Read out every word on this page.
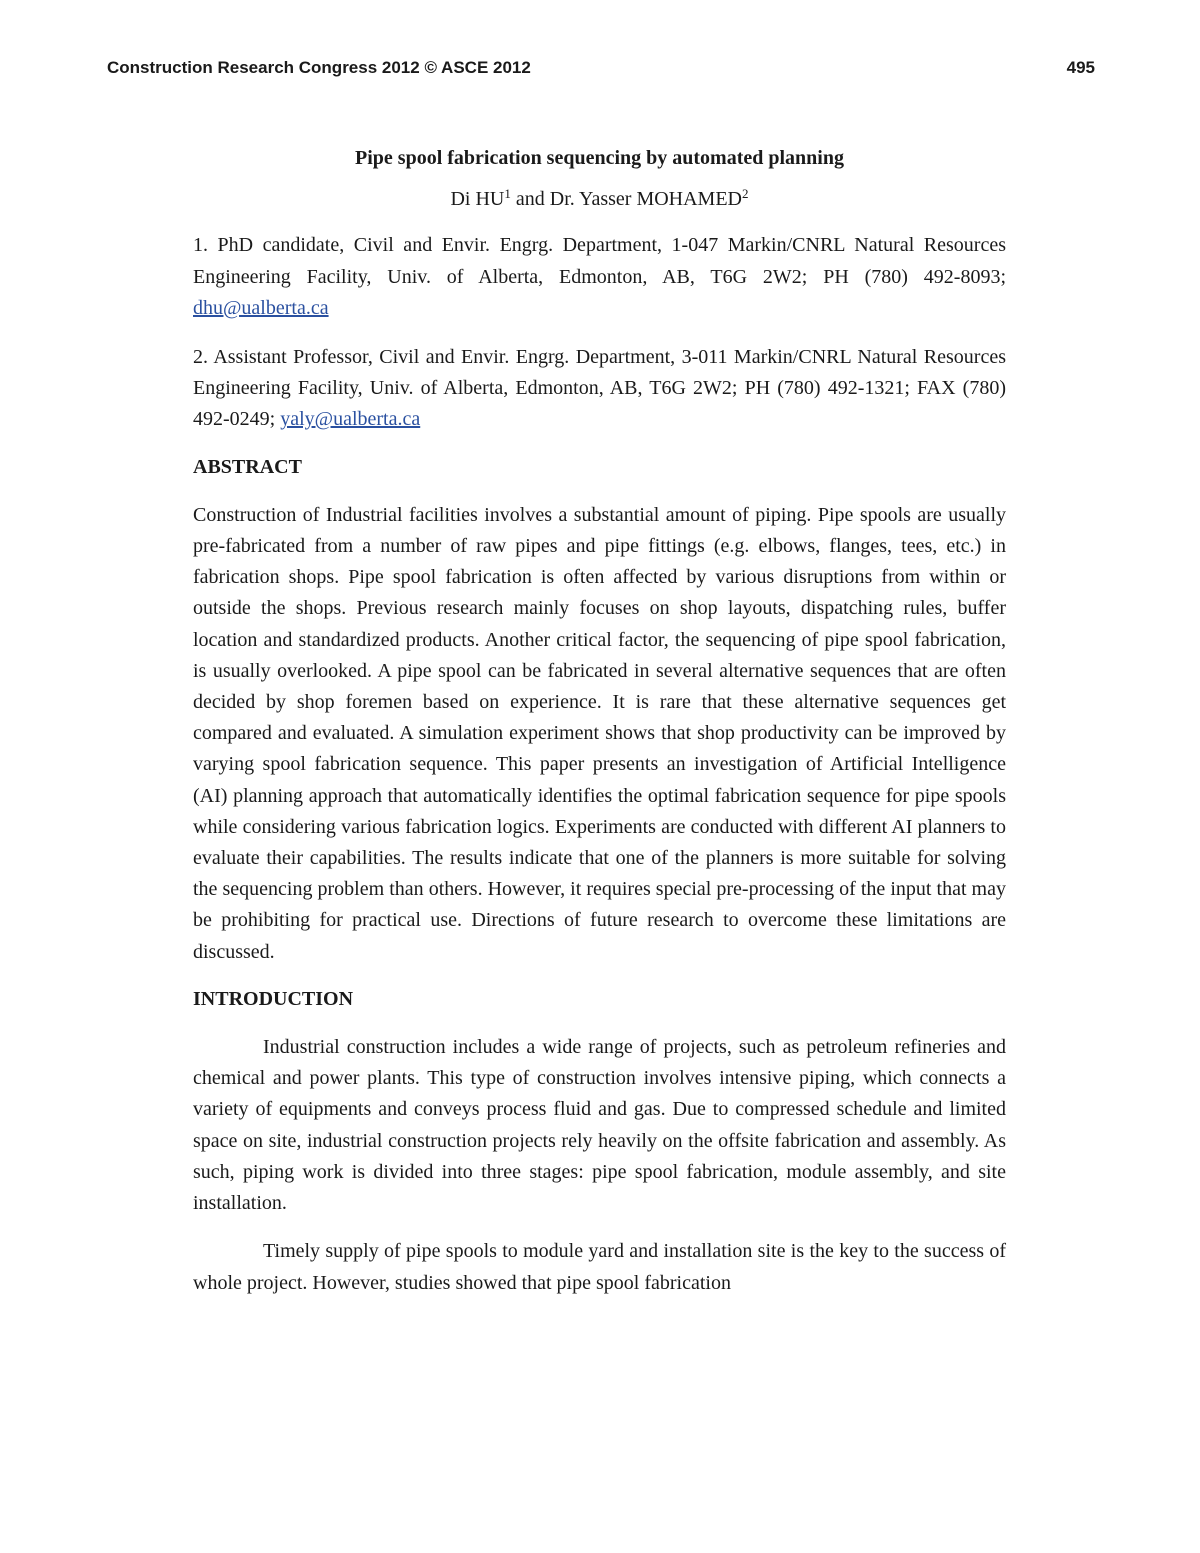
Construction Research Congress 2012 © ASCE 2012	495

Pipe spool fabrication sequencing by automated planning

Di $HU^1$ and Dr. Yasser MOHAMED$^2$

1. PhD candidate, Civil and Envir. Engrg. Department, 1-047 Markin/CNRL Natural Resources Engineering Facility, Univ. of Alberta, Edmonton, AB, T6G 2W2; PH (780) 492-8093; dhu@ualberta.ca

2. Assistant Professor, Civil and Envir. Engrg. Department, 3-011 Markin/CNRL Natural Resources Engineering Facility, Univ. of Alberta, Edmonton, AB, T6G 2W2; PH (780) 492-1321; FAX (780) 492-0249; yaly@ualberta.ca

ABSTRACT

Construction of Industrial facilities involves a substantial amount of piping. Pipe spools are usually pre-fabricated from a number of raw pipes and pipe fittings (e.g. elbows, flanges, tees, etc.) in fabrication shops. Pipe spool fabrication is often affected by various disruptions from within or outside the shops. Previous research mainly focuses on shop layouts, dispatching rules, buffer location and standardized products. Another critical factor, the sequencing of pipe spool fabrication, is usually overlooked. A pipe spool can be fabricated in several alternative sequences that are often decided by shop foremen based on experience. It is rare that these alternative sequences get compared and evaluated. A simulation experiment shows that shop productivity can be improved by varying spool fabrication sequence. This paper presents an investigation of Artificial Intelligence (AI) planning approach that automatically identifies the optimal fabrication sequence for pipe spools while considering various fabrication logics. Experiments are conducted with different AI planners to evaluate their capabilities. The results indicate that one of the planners is more suitable for solving the sequencing problem than others. However, it requires special pre-processing of the input that may be prohibiting for practical use. Directions of future research to overcome these limitations are discussed.

INTRODUCTION

Industrial construction includes a wide range of projects, such as petroleum refineries and chemical and power plants. This type of construction involves intensive piping, which connects a variety of equipments and conveys process fluid and gas. Due to compressed schedule and limited space on site, industrial construction projects rely heavily on the offsite fabrication and assembly. As such, piping work is divided into three stages: pipe spool fabrication, module assembly, and site installation.

Timely supply of pipe spools to module yard and installation site is the key to the success of whole project. However, studies showed that pipe spool fabrication
